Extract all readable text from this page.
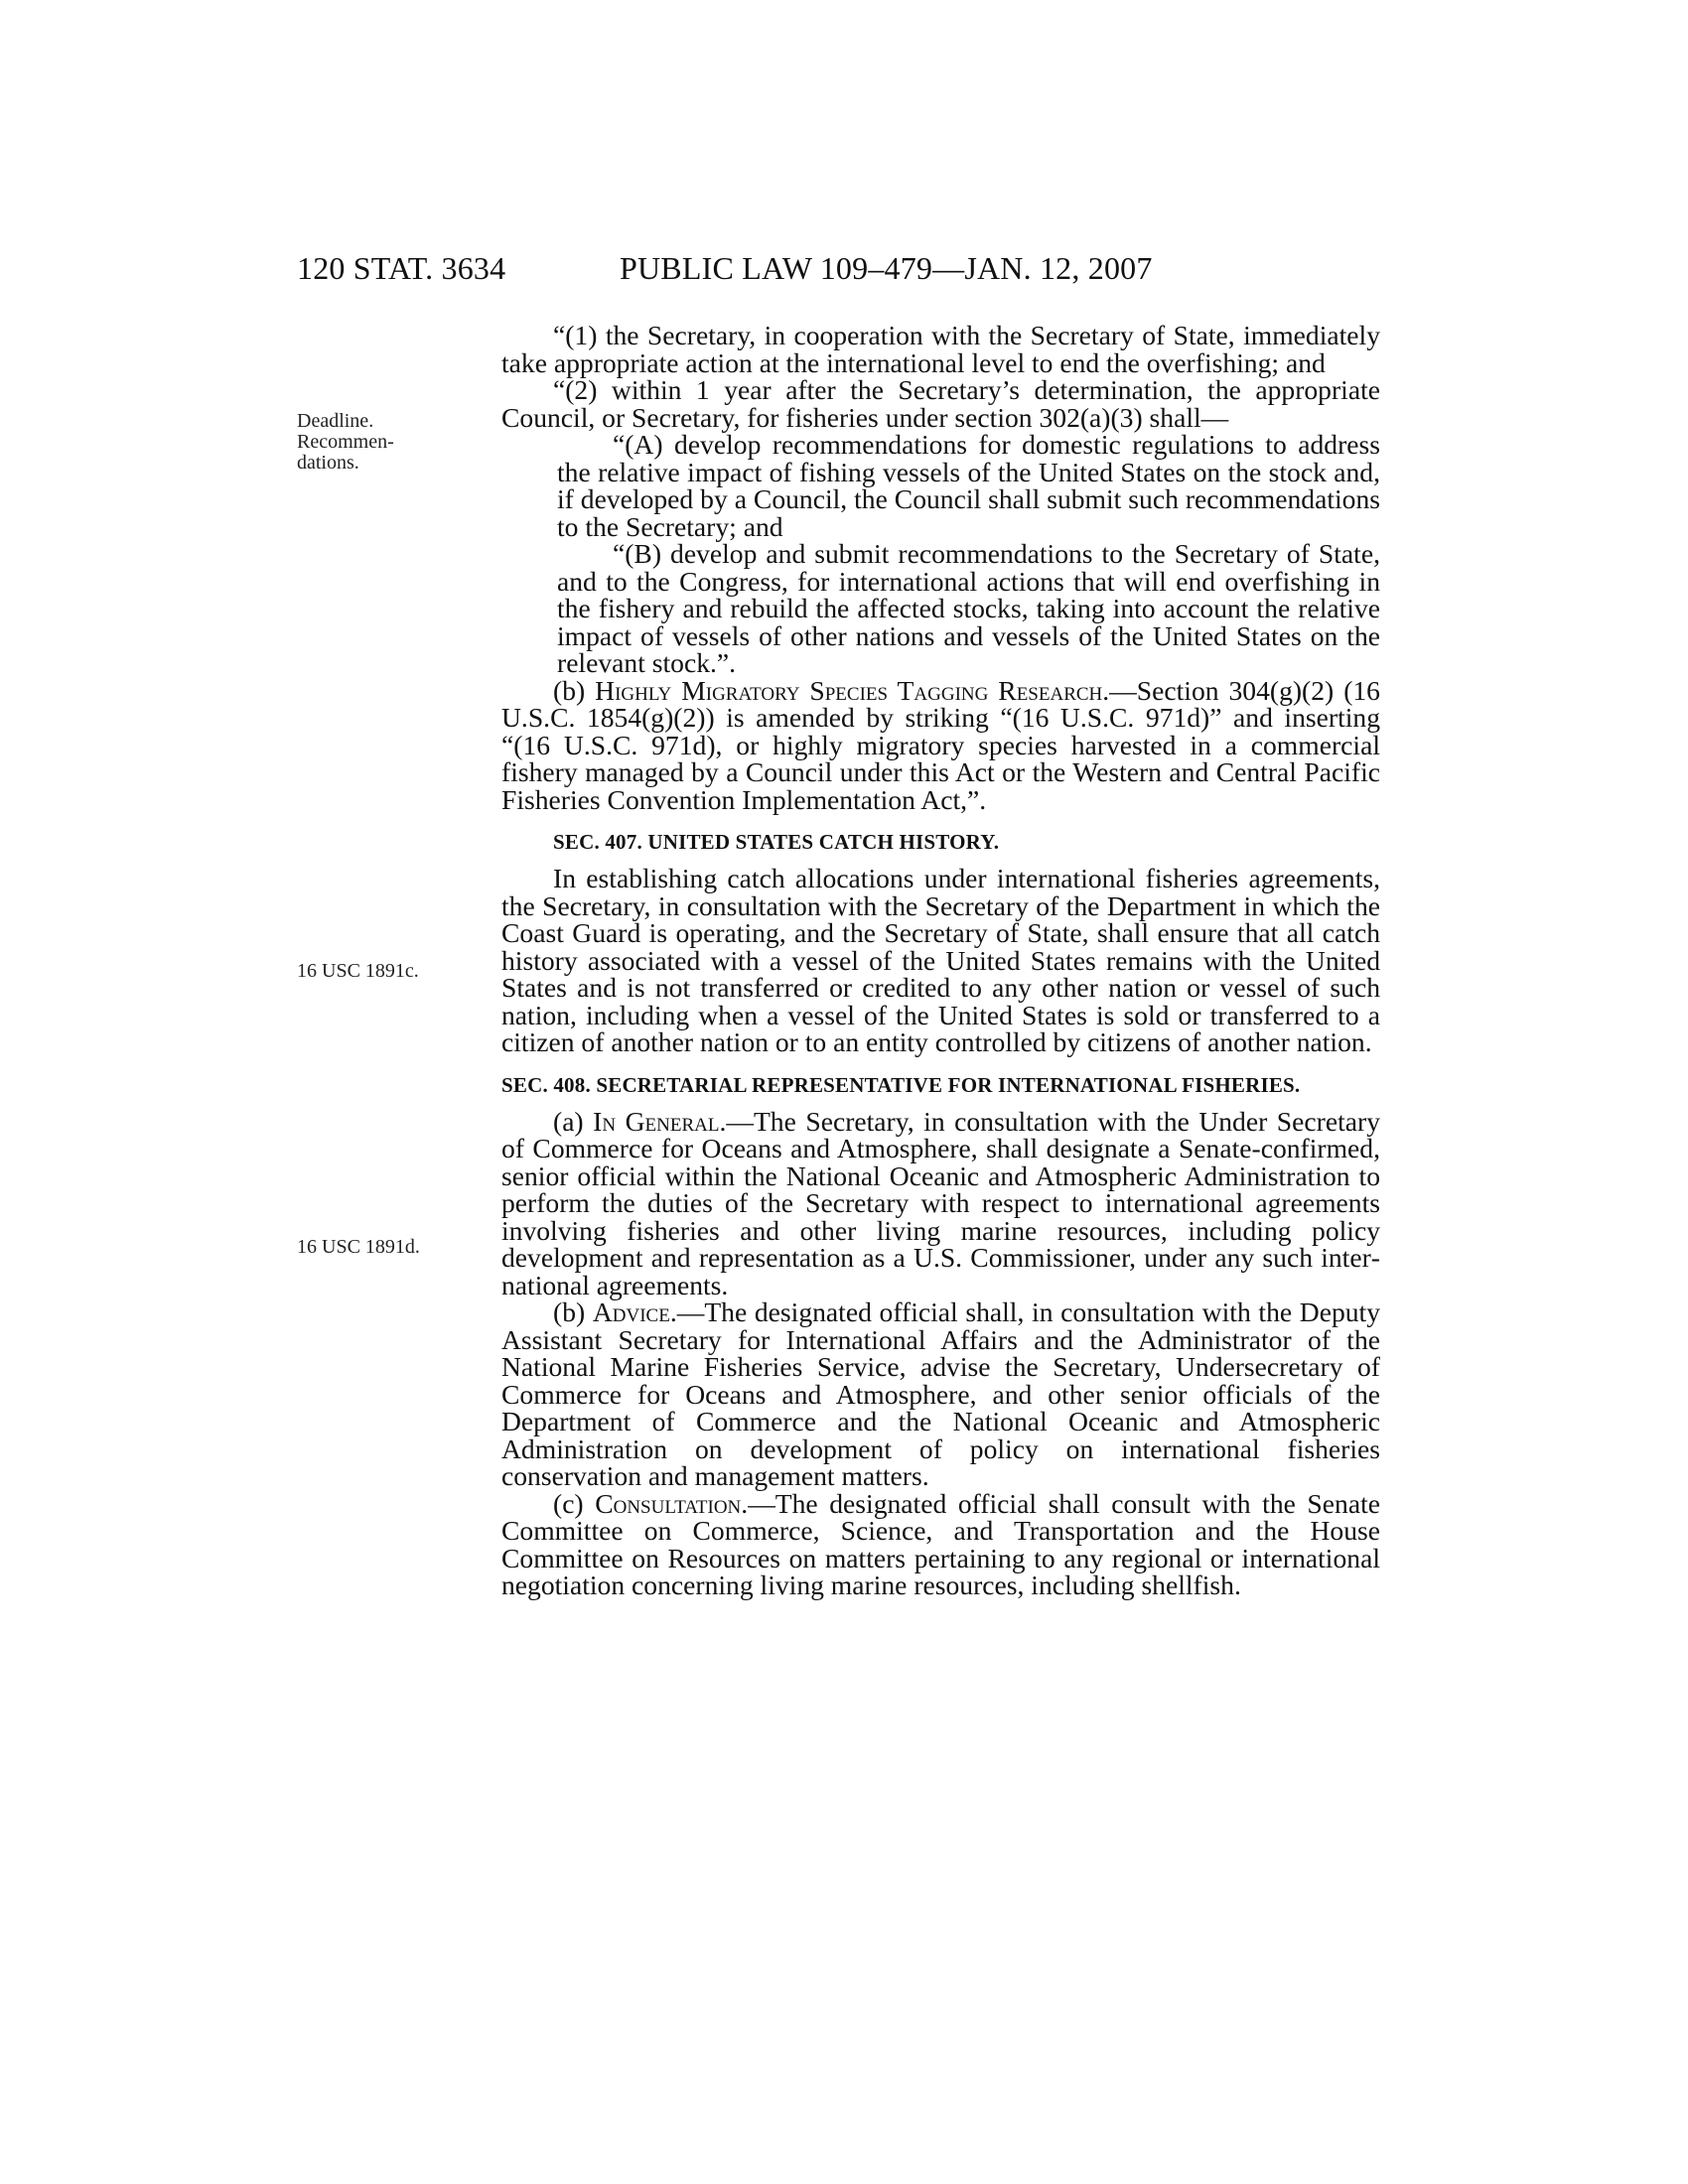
120 STAT. 3634	PUBLIC LAW 109–479—JAN. 12, 2007
Deadline.
Recommen-
dations.
16 USC 1891c.
16 USC 1891d.

“(1) the Secretary, in cooperation with the Secretary of State, immediately take appropriate action at the international level to end the overfishing; and

“(2) within 1 year after the Secretary’s determination, the appropriate Council, or Secretary, for fisheries under section 302(a)(3) shall—

“(A) develop recommendations for domestic regulations to address the relative impact of fishing vessels of the United States on the stock and, if developed by a Council, the Council shall submit such recommendations to the Secretary; and

“(B) develop and submit recommendations to the Secretary of State, and to the Congress, for international actions that will end overfishing in the fishery and rebuild the affected stocks, taking into account the relative impact of vessels of other nations and vessels of the United States on the relevant stock.”.

(b) Highly Migratory Species Tagging Research.—Section 304(g)(2) (16 U.S.C. 1854(g)(2)) is amended by striking “(16 U.S.C. 971d)” and inserting “(16 U.S.C. 971d), or highly migratory species harvested in a commercial fishery managed by a Council under this Act or the Western and Central Pacific Fisheries Convention Implementation Act,”.

SEC. 407. UNITED STATES CATCH HISTORY.

In establishing catch allocations under international fisheries agreements, the Secretary, in consultation with the Secretary of the Department in which the Coast Guard is operating, and the Secretary of State, shall ensure that all catch history associated with a vessel of the United States remains with the United States and is not transferred or credited to any other nation or vessel of such nation, including when a vessel of the United States is sold or transferred to a citizen of another nation or to an entity controlled by citizens of another nation.

SEC. 408. SECRETARIAL REPRESENTATIVE FOR INTERNATIONAL FISHERIES.

(a) In General.—The Secretary, in consultation with the Under Secretary of Commerce for Oceans and Atmosphere, shall designate a Senate-confirmed, senior official within the National Oceanic and Atmospheric Administration to perform the duties of the Secretary with respect to international agreements involving fisheries and other living marine resources, including policy development and representation as a U.S. Commissioner, under any such international agreements.

(b) Advice.—The designated official shall, in consultation with the Deputy Assistant Secretary for International Affairs and the Administrator of the National Marine Fisheries Service, advise the Secretary, Undersecretary of Commerce for Oceans and Atmosphere, and other senior officials of the Department of Commerce and the National Oceanic and Atmospheric Administration on development of policy on international fisheries conservation and management matters.

(c) Consultation.—The designated official shall consult with the Senate Committee on Commerce, Science, and Transportation and the House Committee on Resources on matters pertaining to any regional or international negotiation concerning living marine resources, including shellfish.
